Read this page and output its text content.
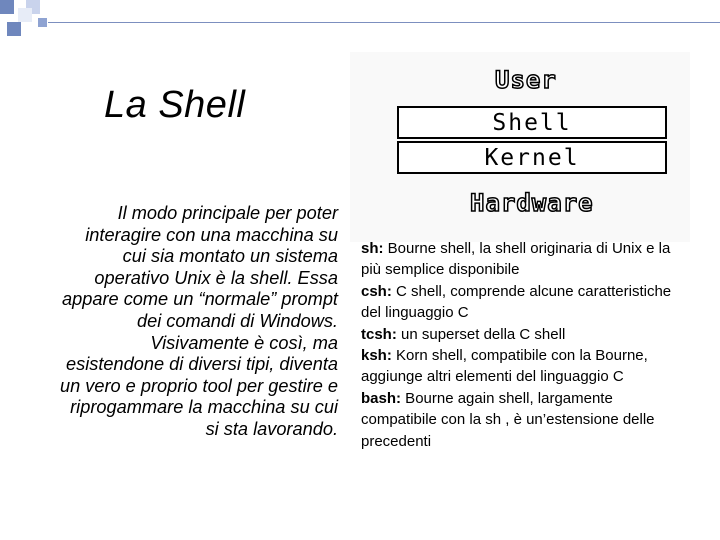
La Shell
Il modo principale per poter interagire con una macchina su cui sia montato un sistema operativo Unix è la shell. Essa appare come un “normale” prompt dei comandi di Windows. Visivamente è così, ma esistendone di diversi tipi, diventa un vero e proprio tool per gestire e riprogammare la macchina su cui si sta lavorando.
User
Shell
Kernel
Hardware

sh: Bourne shell, la shell originaria di Unix e la più semplice disponibile

csh: C shell, comprende alcune caratteristiche del linguaggio C

tcsh: un superset della C shell

ksh: Korn shell, compatibile con la Bourne, aggiunge altri elementi del linguaggio C

bash: Bourne again shell, largamente compatibile con la sh , è un’estensione delle precedenti
